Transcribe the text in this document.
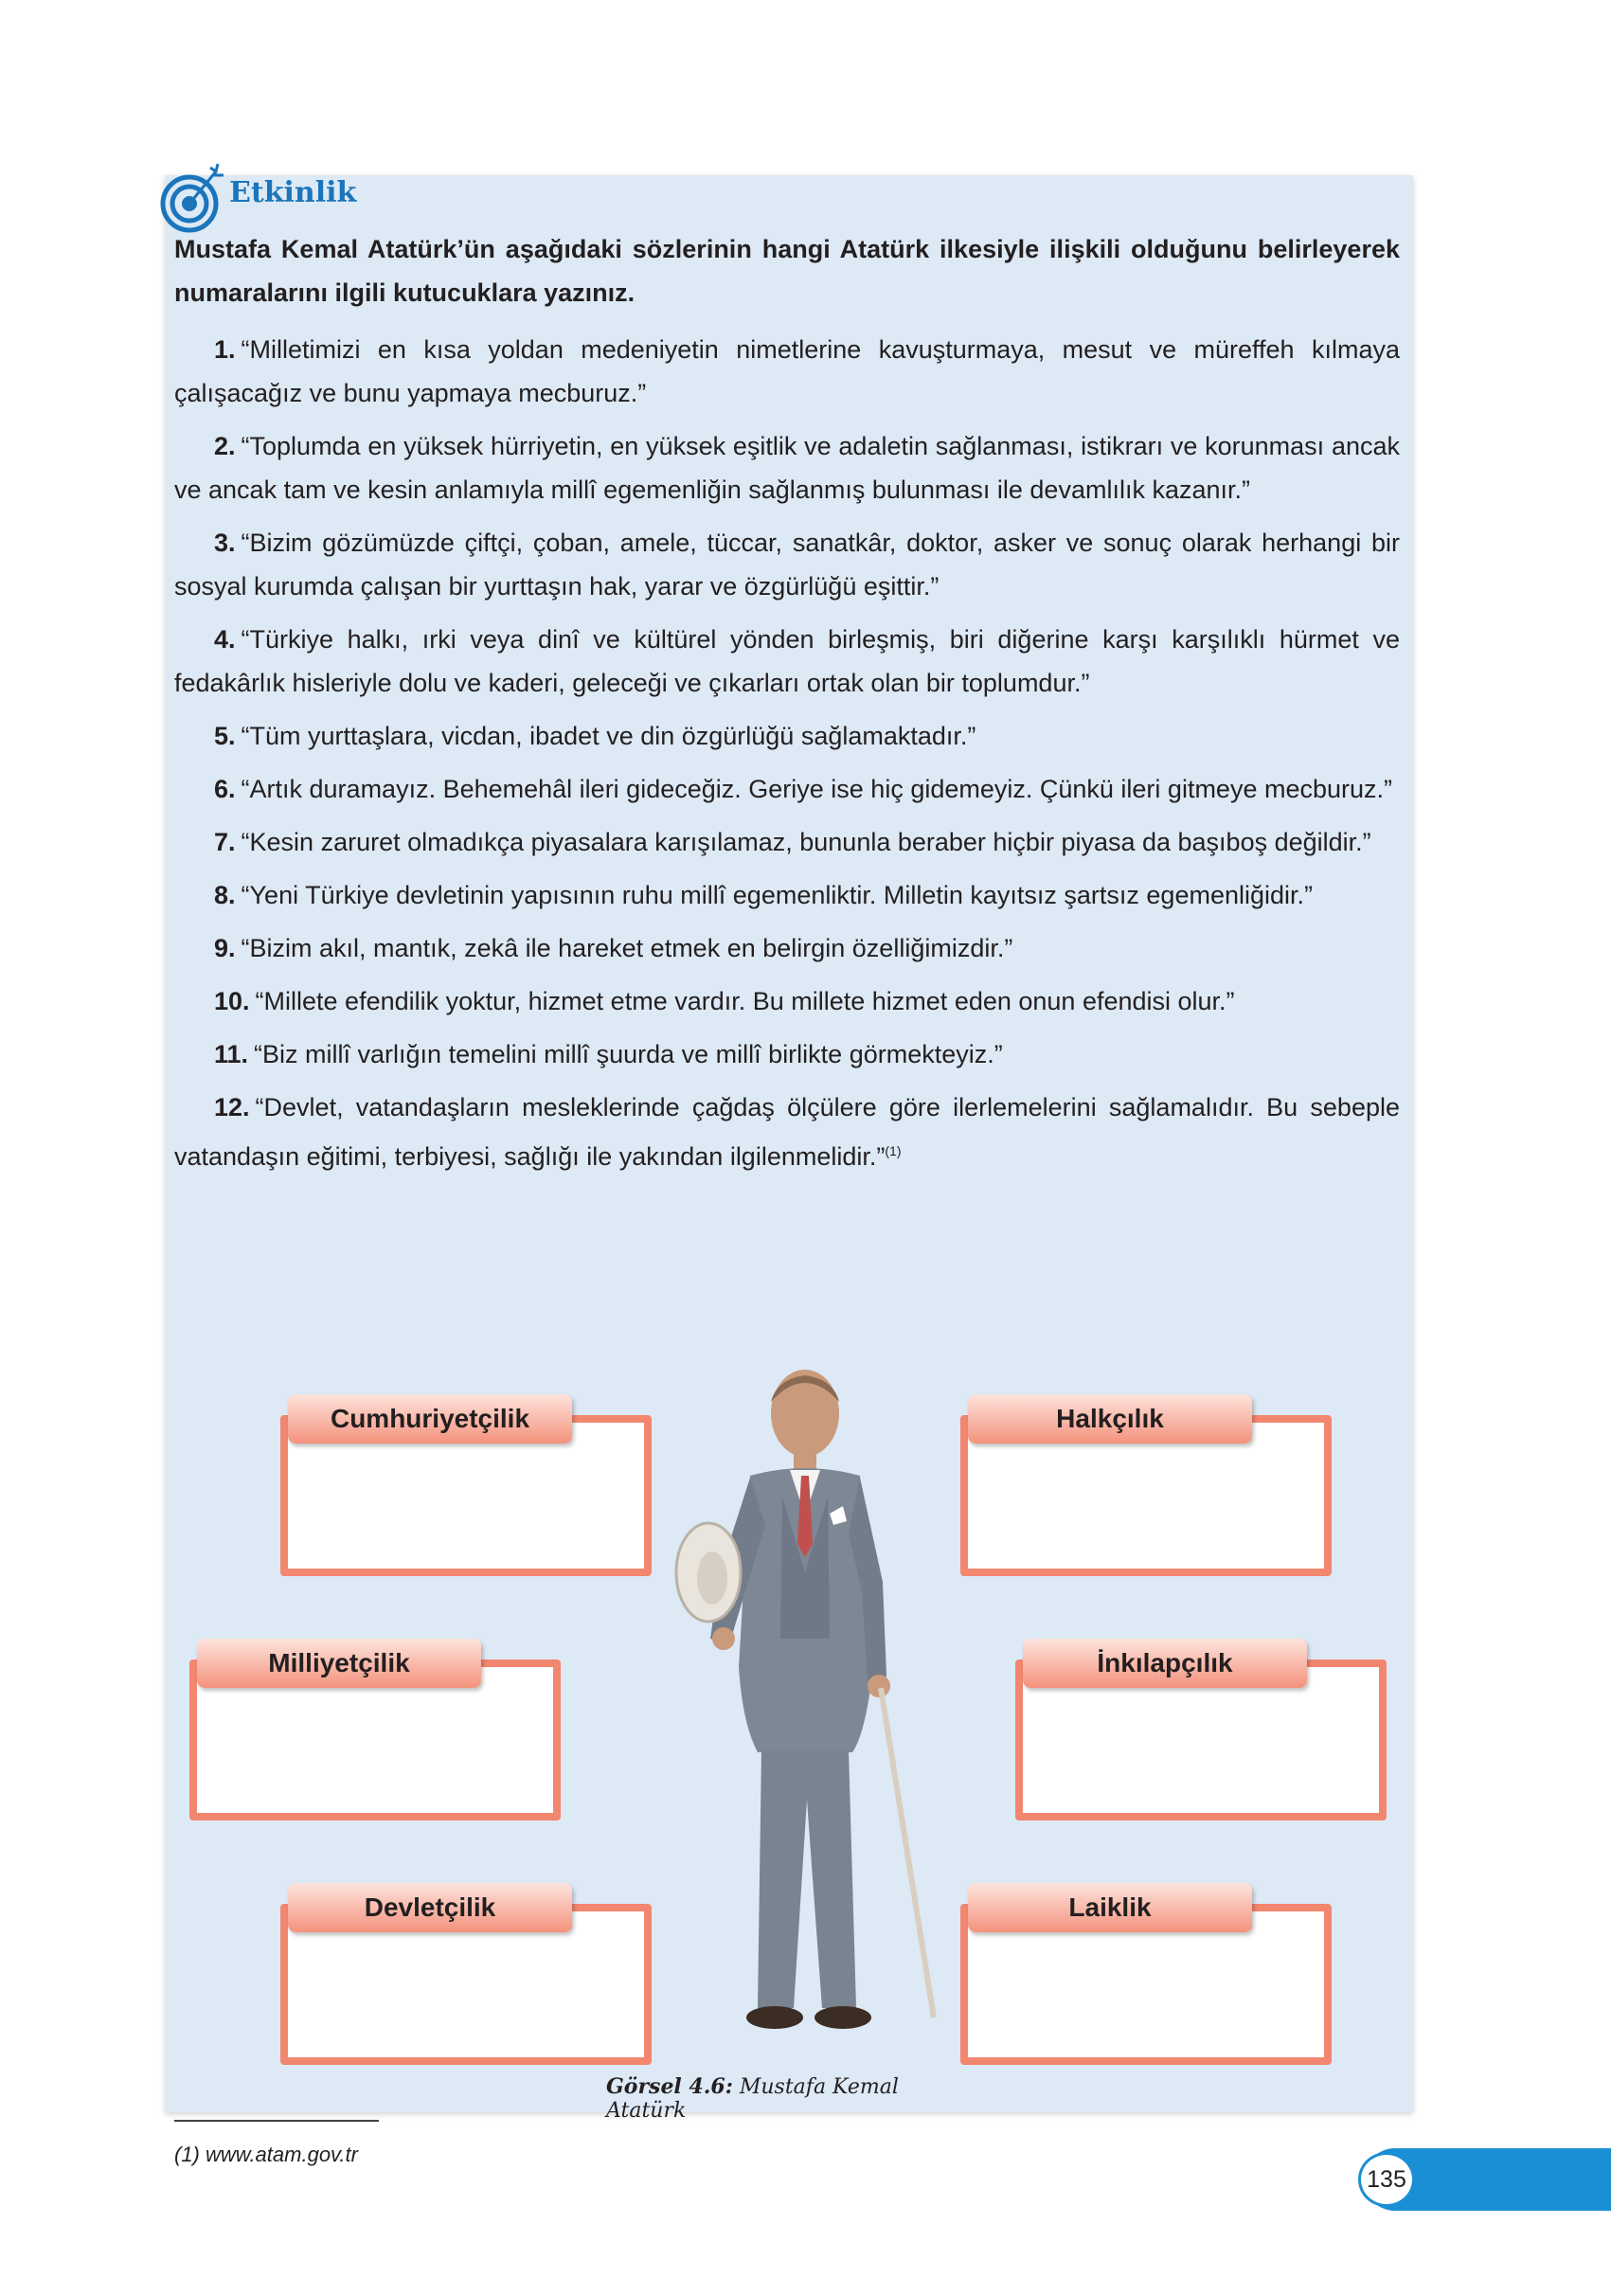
Etkinlik

Mustafa Kemal Atatürk’ün aşağıdaki sözlerinin hangi Atatürk ilkesiyle ilişkili olduğunu belirleyerek numaralarını ilgili kutucuklara yazınız.

1. “Milletimizi en kısa yoldan medeniyetin nimetlerine kavuşturmaya, mesut ve müreffeh kılmaya çalışacağız ve bunu yapmaya mecburuz.”
2. “Toplumda en yüksek hürriyetin, en yüksek eşitlik ve adaletin sağlanması, istikrarı ve korunması ancak ve ancak tam ve kesin anlamıyla millî egemenliğin sağlanmış bulunması ile devamlılık kazanır.”
3. “Bizim gözümüzde çiftçi, çoban, amele, tüccar, sanatkâr, doktor, asker ve sonuç olarak herhangi bir sosyal kurumda çalışan bir yurttaşın hak, yarar ve özgürlüğü eşittir.”
4. “Türkiye halkı, ırki veya dinî ve kültürel yönden birleşmiş, biri diğerine karşı karşılıklı hürmet ve fedakârlık hisleriyle dolu ve kaderi, geleceği ve çıkarları ortak olan bir toplumdur.”
5. “Tüm yurttaşlara, vicdan, ibadet ve din özgürlüğü sağlamaktadır.”
6. “Artık duramayız. Behemehâl ileri gideceğiz. Geriye ise hiç gidemeyiz. Çünkü ileri gitmeye mecburuz.”
7. “Kesin zaruret olmadıkça piyasalara karışılamaz, bununla beraber hiçbir piyasa da başıboş değildir.”
8. “Yeni Türkiye devletinin yapısının ruhu millî egemenliktir. Milletin kayıtsız şartsız egemenliğidir.”
9. “Bizim akıl, mantık, zekâ ile hareket etmek en belirgin özelliğimizdir.”
10. “Millete efendilik yoktur, hizmet etme vardır. Bu millete hizmet eden onun efendisi olur.”
11. “Biz millî varlığın temelini millî şuurda ve millî birlikte görmekteyiz.”
12. “Devlet, vatandaşların mesleklerinde çağdaş ölçülere göre ilerlemelerini sağlamalıdır. Bu sebeple vatandaşın eğitimi, terbiyesi, sağlığı ile yakından ilgilenmelidir.”$^{(1)}$
Cumhuriyetçilik	Halkçılık
Milliyetçilik	İnkılapçılık
Devletçilik	Laiklik
Görsel 4.6: Mustafa Kemal Atatürk
(1) www.atam.gov.tr
135
